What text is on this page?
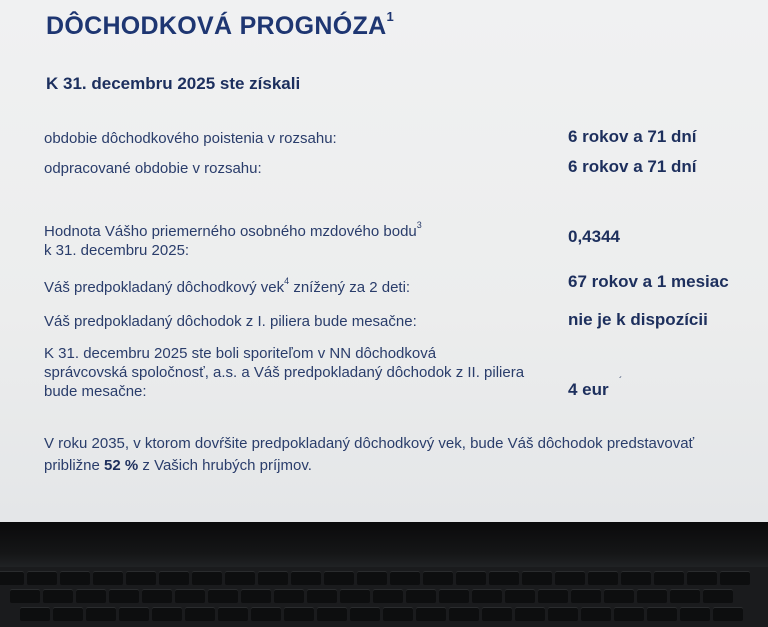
DÔCHODKOVÁ PROGNÓZA$^1$
K 31. decembru 2025 ste získali
obdobie dôchodkového poistenia v rozsahu:	6 rokov a 71 dní
odpracované obdobie v rozsahu:	6 rokov a 71 dní
Hodnota Vášho priemerného osobného mzdového bodu$^3$
k 31. decembru 2025:
0,4344
Váš predpokladaný dôchodkový vek$^4$ znížený za 2 deti:	67 rokov a 1 mesiac
Váš predpokladaný dôchodok z I. piliera bude mesačne:	nie je k dispozícii
K 31. decembru 2025 ste boli sporiteľom v NN dôchodková
správcovská spoločnosť, a.s. a Váš predpokladaný dôchodok z II. piliera
bude mesačne:	4 eur ´
V roku 2035, v ktorom dovŕšite predpokladaný dôchodkový vek, bude Váš dôchodok predstavovať približne 52 % z Vašich hrubých príjmov.
